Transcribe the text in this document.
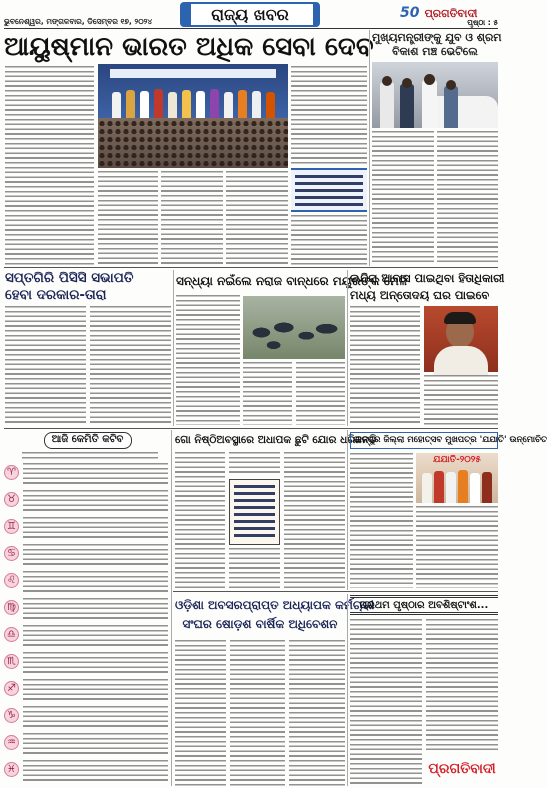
ଭୁବନେଶ୍ୱର, ମଙ୍ଗଳବାର, ଡିସେମ୍ବର ୧୭, ୨୦୨୪	ରାଜ୍ୟ ଖବର	50 ପ୍ରଗତିବାଦୀ
ପୃଷ୍ଠା : ୫
ଆୟୁଷ୍ମାନ ଭାରତ ଅଧିକ ସେବା ଦେବ
ମୁଖ୍ୟମନ୍ତ୍ରୀଙ୍କୁ ଯୁବ ଓ ଶ୍ରମ
ବିକାଶ ମଞ୍ଚ ଭେଟିଲେ
ସପ୍ତଗିରି ପିସିସି ସଭାପତି
ହେବା ଦରକାର-ତାରା
ସନ୍ଧ୍ୟା ନଇଁଲେ ନରାଜ ବାନ୍ଧରେ ମୟୂରଙ୍କ ମେଳି
ଇନ୍ଦିରା ଆବାସ ପାଇଥିବା ହିତାଧିକାରୀ
ମଧ୍ୟ ଅନ୍ତୋଦୟ ଘର ପାଇବେ
ଆଜି କେମିତି କଟିବ
♈
♉
♊
♋
♌
♍
♎
♏
♐
♑
♒
♓
ଗୋ ନିଷ୍ଠିଅବସ୍ଥାରେ ଅଧାପକ ଛୁଟି ଯୋର ଧରିଛନ୍ତି
ଯାଜପୁର ଜିଲ୍ଲା ମହୋତ୍ସବ ମୁଖପତ୍ର 'ଯଯାତି' ଉନ୍ମୋଚିତ
ଯଯାତି-୨୦୨୫
ଓଡ଼ିଶା ଅବସରପ୍ରାପ୍ତ ଅଧ୍ୟାପକ କର୍ମଚାରୀ
ସଂଘର ଷୋଡ଼ଶ ବାର୍ଷିକ ଅଧିବେଶନ
ପ୍ରଥମ ପୃଷ୍ଠାର ଅବଶିଷ୍ଟାଂଶ...
ପ୍ରଗତିବାଦୀ
